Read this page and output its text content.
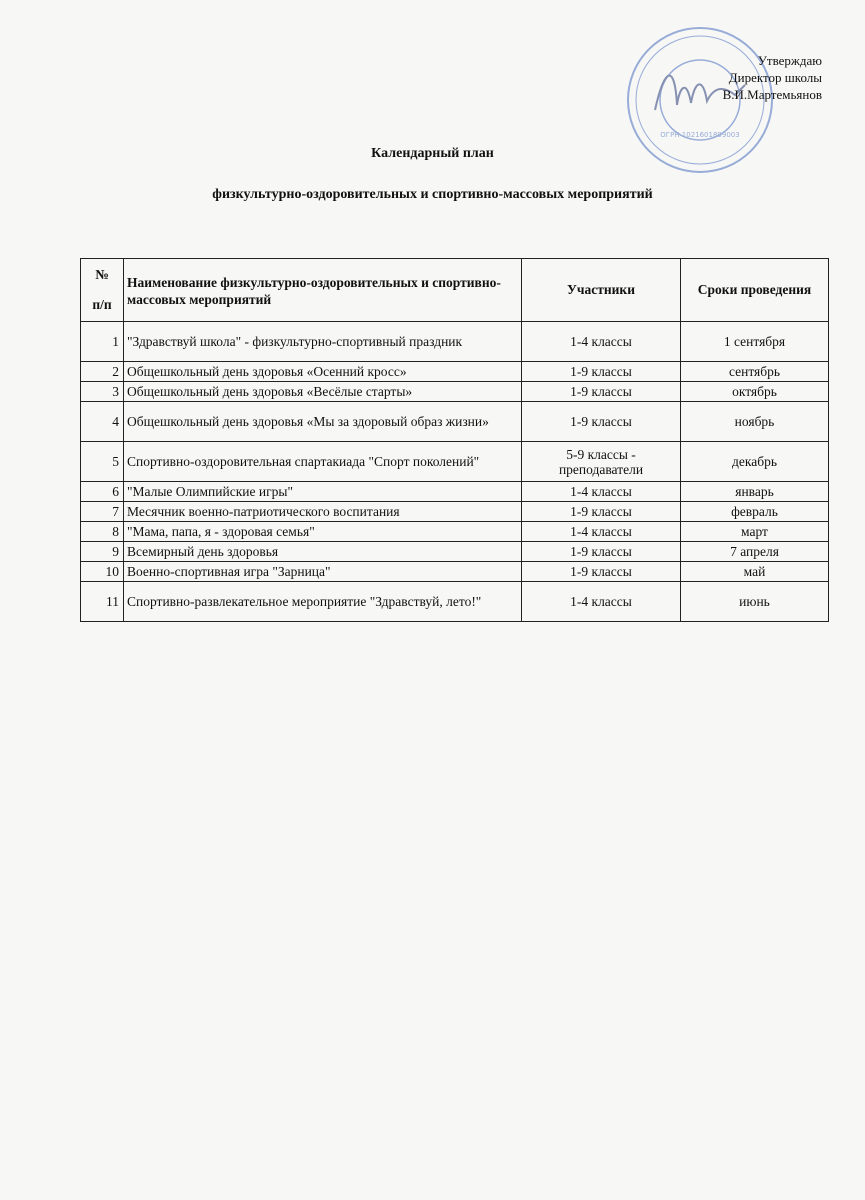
ОГРН 1021601899003
Утверждаю
Директор школы
В.И.Мартемьянов
Календарный план
физкультурно-оздоровительных и спортивно-массовых мероприятий
№
п/п	Наименование физкультурно-оздоровительных и спортивно-массовых мероприятий	Участники	Сроки проведения
1	"Здравствуй школа" - физкультурно-спортивный праздник	1-4 классы	1 сентября
2	Общешкольный день здоровья «Осенний кросс»	1-9 классы	сентябрь
3	Общешкольный день здоровья «Весёлые старты»	1-9 классы	октябрь
4	Общешкольный день здоровья «Мы за здоровый образ жизни»	1-9 классы	ноябрь
5	Спортивно-оздоровительная спартакиада "Спорт поколений"	5-9 классы - преподаватели	декабрь
6	"Малые Олимпийские игры"	1-4 классы	январь
7	Месячник военно-патриотического воспитания	1-9 классы	февраль
8	"Мама, папа, я - здоровая семья"	1-4 классы	март
9	Всемирный день здоровья	1-9 классы	7 апреля
10	Военно-спортивная игра "Зарница"	1-9 классы	май
11	Спортивно-развлекательное мероприятие "Здравствуй, лето!"	1-4 классы	июнь
